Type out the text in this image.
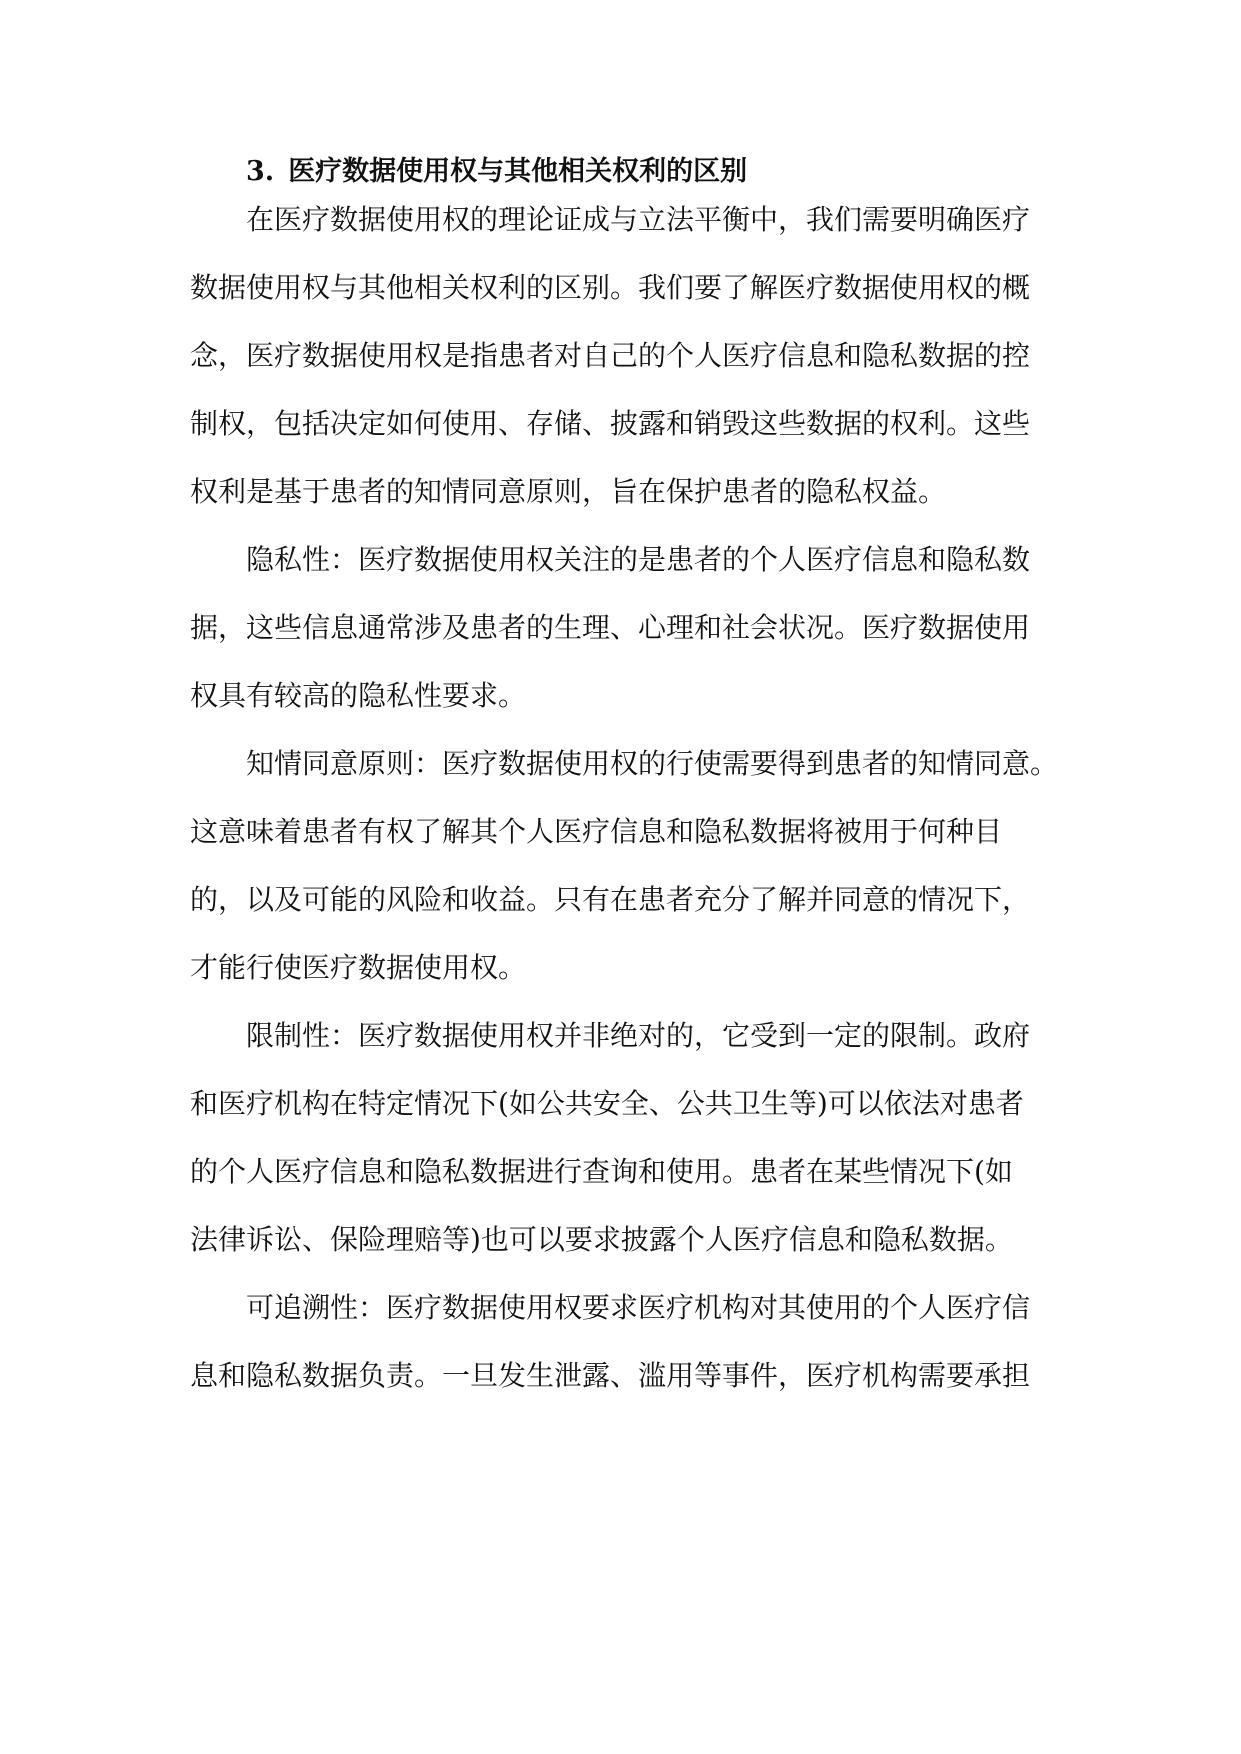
3. 医疗数据使用权与其他相关权利的区别
在医疗数据使用权的理论证成与立法平衡中，我们需要明确医疗
数据使用权与其他相关权利的区别。我们要了解医疗数据使用权的概
念，医疗数据使用权是指患者对自己的个人医疗信息和隐私数据的控
制权，包括决定如何使用、存储、披露和销毁这些数据的权利。这些
权利是基于患者的知情同意原则，旨在保护患者的隐私权益。
隐私性：医疗数据使用权关注的是患者的个人医疗信息和隐私数
据，这些信息通常涉及患者的生理、心理和社会状况。医疗数据使用
权具有较高的隐私性要求。
知情同意原则：医疗数据使用权的行使需要得到患者的知情同意。
这意味着患者有权了解其个人医疗信息和隐私数据将被用于何种目
的，以及可能的风险和收益。只有在患者充分了解并同意的情况下，
才能行使医疗数据使用权。
限制性：医疗数据使用权并非绝对的，它受到一定的限制。政府
和医疗机构在特定情况下(如公共安全、公共卫生等)可以依法对患者
的个人医疗信息和隐私数据进行查询和使用。患者在某些情况下(如
法律诉讼、保险理赔等)也可以要求披露个人医疗信息和隐私数据。
可追溯性：医疗数据使用权要求医疗机构对其使用的个人医疗信
息和隐私数据负责。一旦发生泄露、滥用等事件，医疗机构需要承担
